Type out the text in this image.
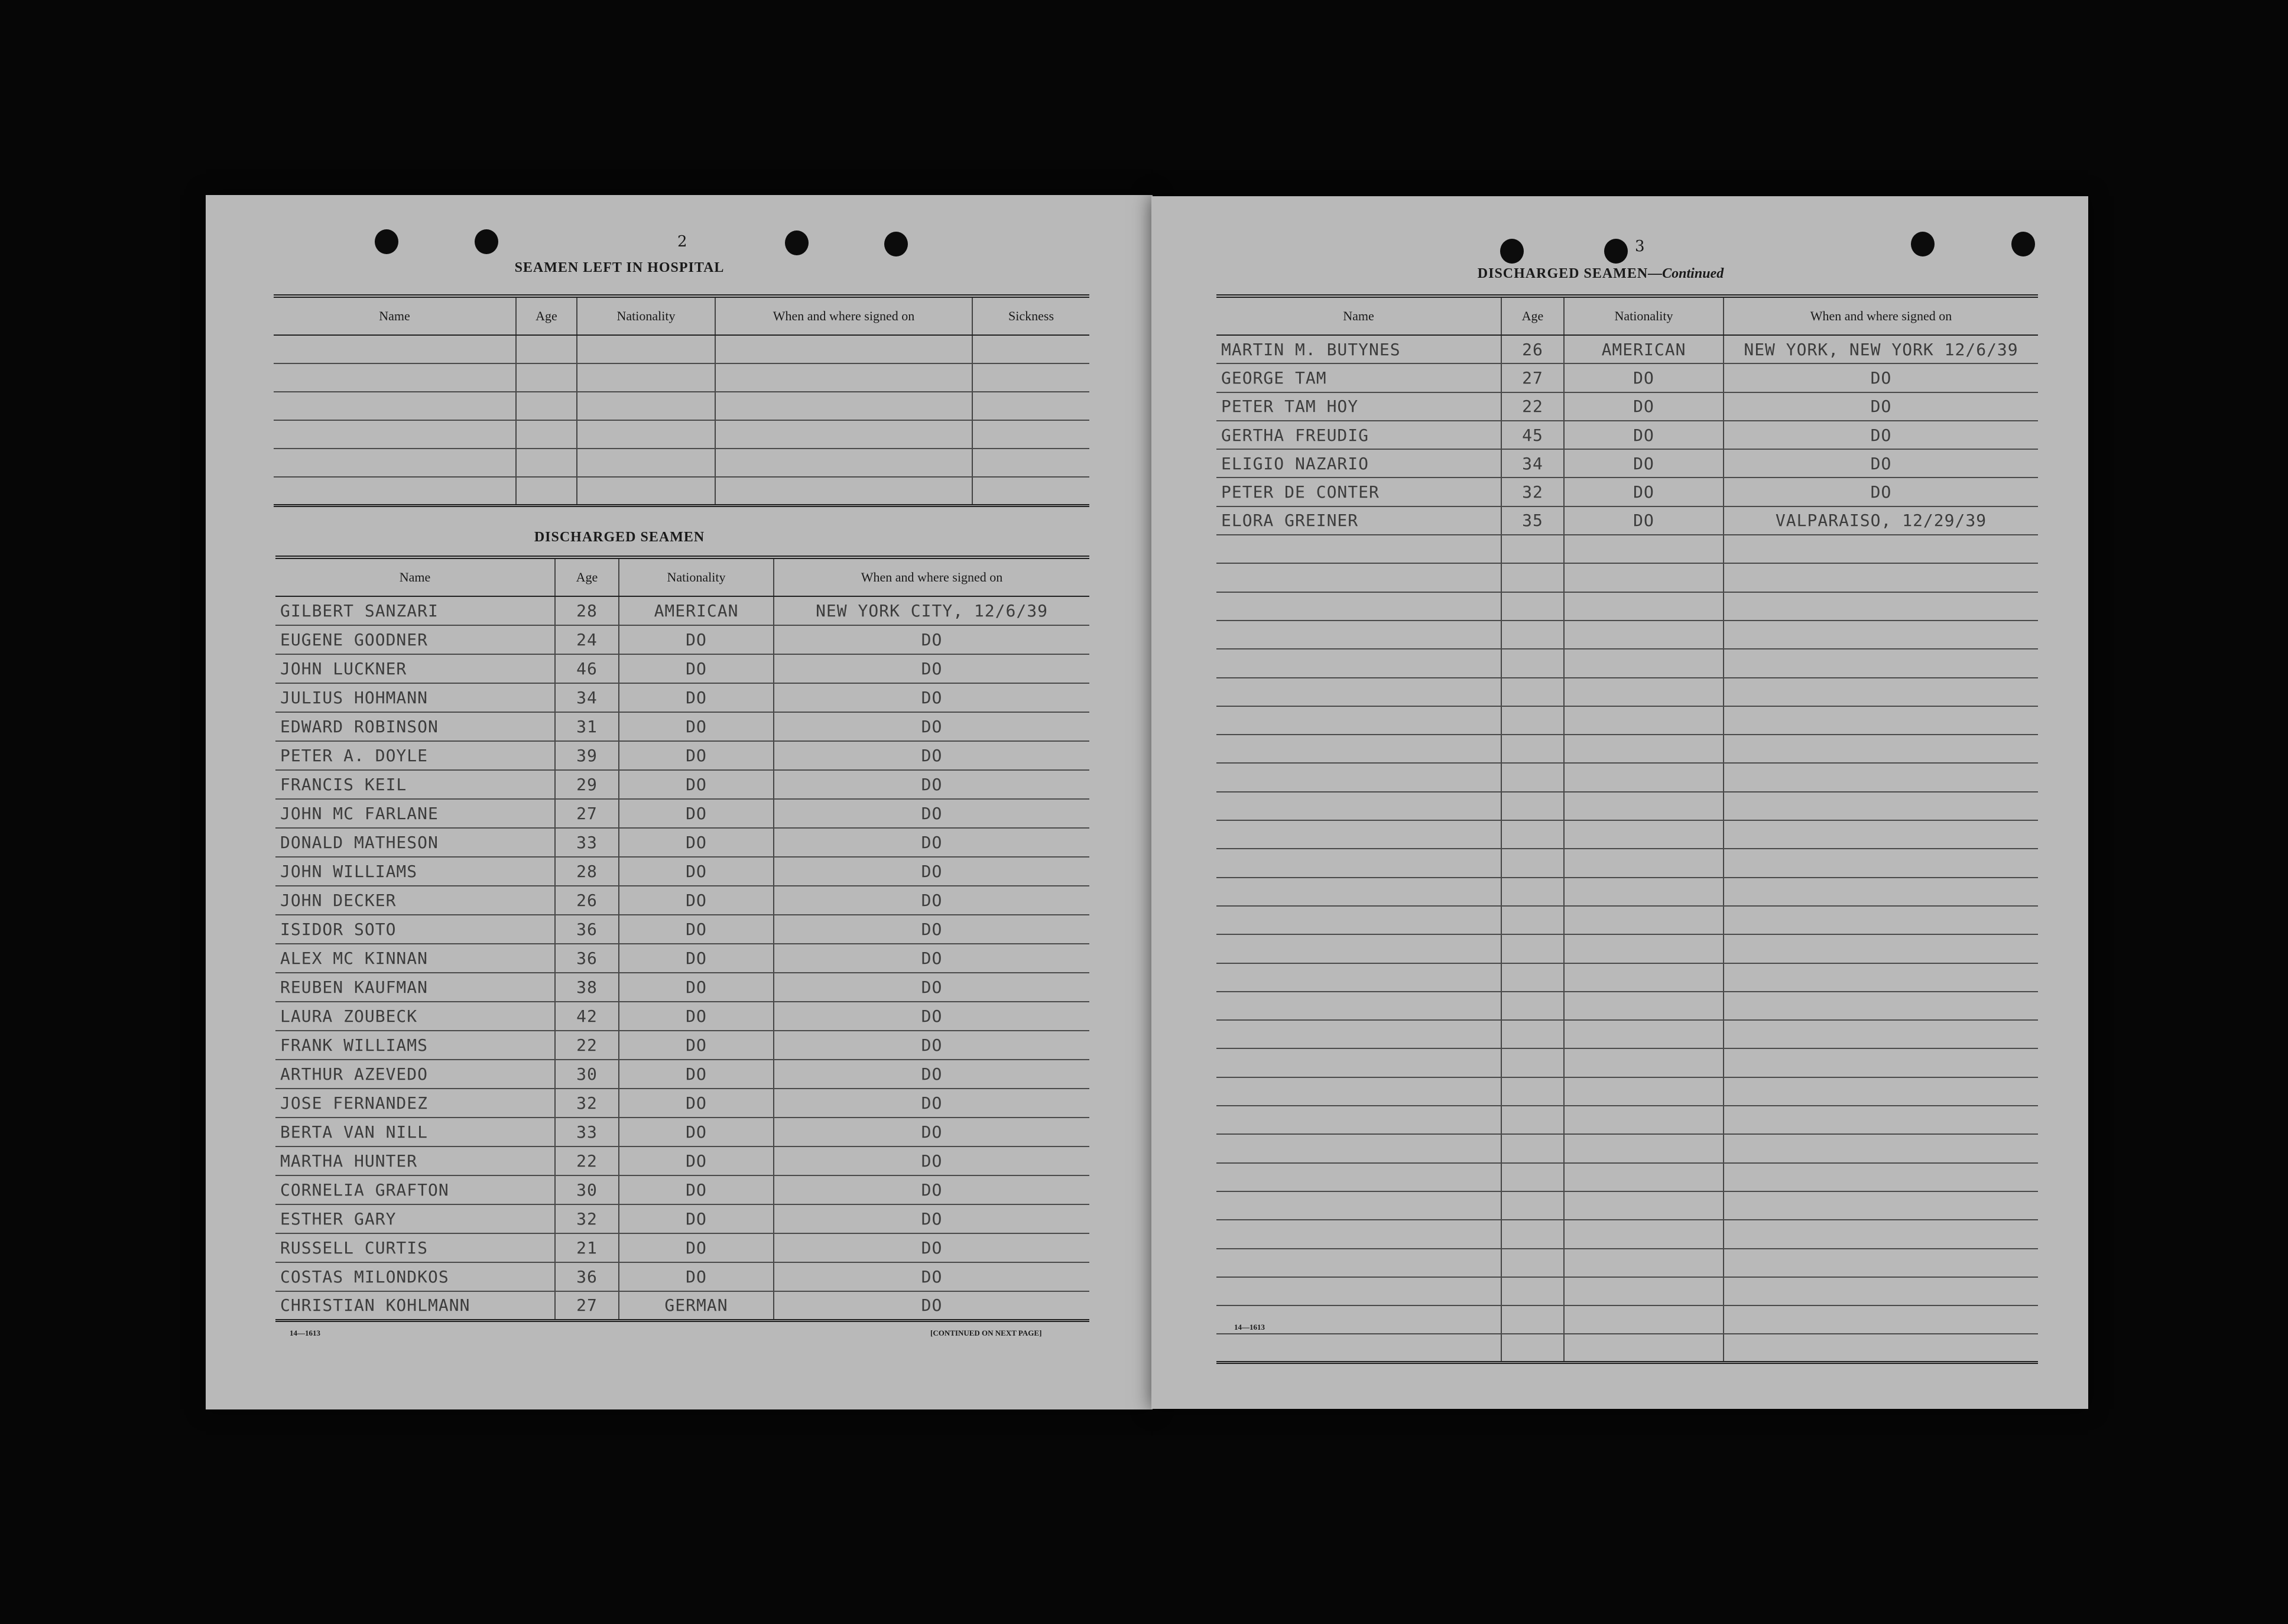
2
SEAMEN LEFT IN HOSPITAL
Name	Age	Nationality	When and where signed on	Sickness

DISCHARGED SEAMEN
Name	Age	Nationality	When and where signed on
GILBERT SANZARI	28	AMERICAN	NEW YORK CITY, 12/6/39
EUGENE GOODNER	24	DO	DO
JOHN LUCKNER	46	DO	DO
JULIUS HOHMANN	34	DO	DO
EDWARD ROBINSON	31	DO	DO
PETER A. DOYLE	39	DO	DO
FRANCIS KEIL	29	DO	DO
JOHN MC FARLANE	27	DO	DO
DONALD MATHESON	33	DO	DO
JOHN WILLIAMS	28	DO	DO
JOHN DECKER	26	DO	DO
ISIDOR SOTO	36	DO	DO
ALEX MC KINNAN	36	DO	DO
REUBEN KAUFMAN	38	DO	DO
LAURA ZOUBECK	42	DO	DO
FRANK WILLIAMS	22	DO	DO
ARTHUR AZEVEDO	30	DO	DO
JOSE FERNANDEZ	32	DO	DO
BERTA VAN NILL	33	DO	DO
MARTHA HUNTER	22	DO	DO
CORNELIA GRAFTON	30	DO	DO
ESTHER GARY	32	DO	DO
RUSSELL CURTIS	21	DO	DO
COSTAS MILONDKOS	36	DO	DO
CHRISTIAN KOHLMANN	27	GERMAN	DO
14—1613	[CONTINUED ON NEXT PAGE]
3
DISCHARGED SEAMEN—Continued
Name	Age	Nationality	When and where signed on
MARTIN M. BUTYNES	26	AMERICAN	NEW YORK, NEW YORK 12/6/39
GEORGE TAM	27	DO	DO
PETER TAM HOY	22	DO	DO
GERTHA FREUDIG	45	DO	DO
ELIGIO NAZARIO	34	DO	DO
PETER DE CONTER	32	DO	DO
ELORA GREINER	35	DO	VALPARAISO, 12/29/39

14—1613
